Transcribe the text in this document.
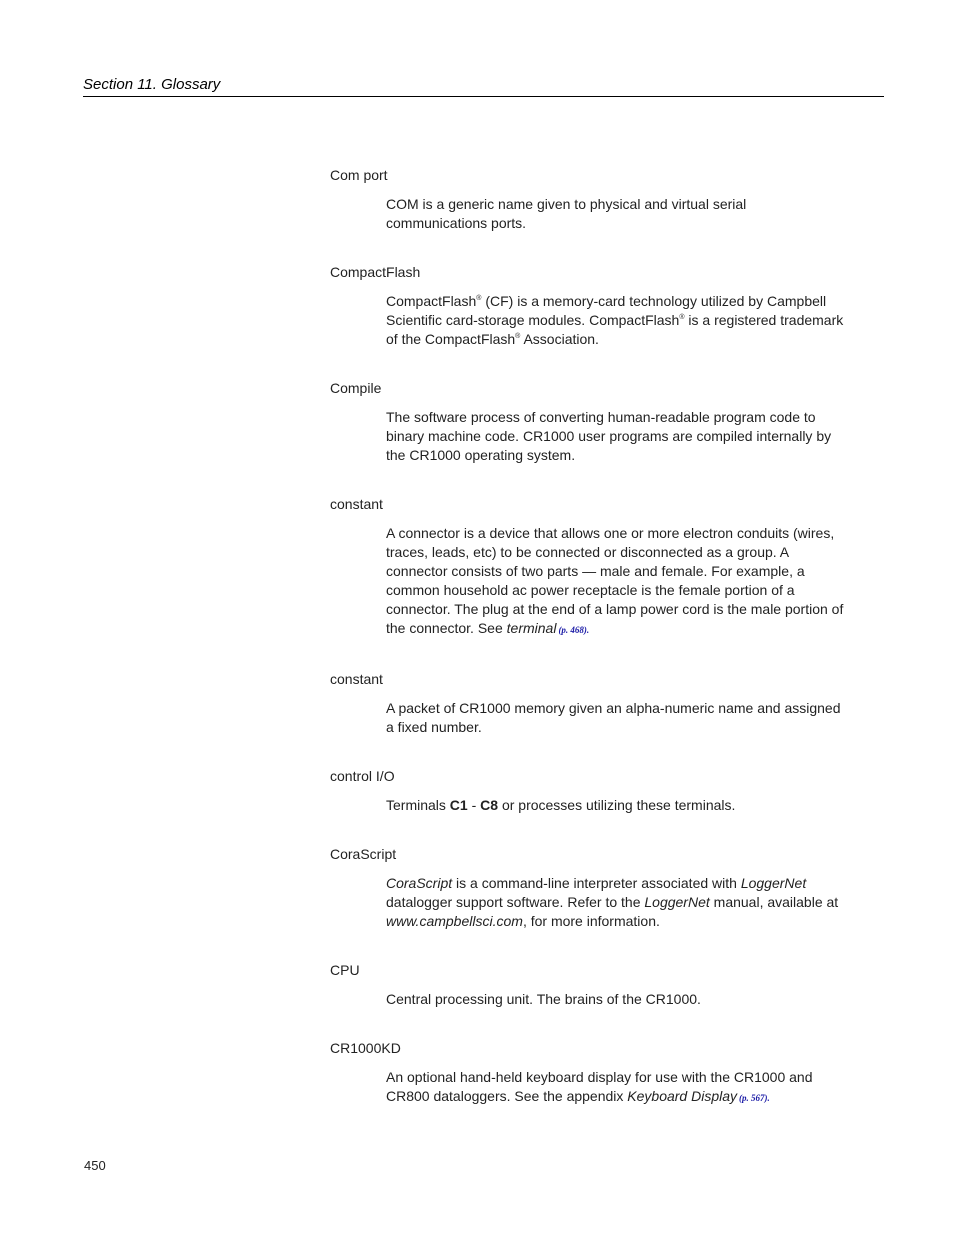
Section 11. Glossary
Com port
COM is a generic name given to physical and virtual serial communications ports.
CompactFlash
CompactFlash® (CF) is a memory-card technology utilized by Campbell Scientific card-storage modules. CompactFlash® is a registered trademark of the CompactFlash® Association.
Compile
The software process of converting human-readable program code to binary machine code. CR1000 user programs are compiled internally by the CR1000 operating system.
constant
A connector is a device that allows one or more electron conduits (wires, traces, leads, etc) to be connected or disconnected as a group. A connector consists of two parts — male and female. For example, a common household ac power receptacle is the female portion of a connector. The plug at the end of a lamp power cord is the male portion of the connector. See terminal (p. 468).
constant
A packet of CR1000 memory given an alpha-numeric name and assigned a fixed number.
control I/O
Terminals C1 - C8 or processes utilizing these terminals.
CoraScript
CoraScript is a command-line interpreter associated with LoggerNet datalogger support software. Refer to the LoggerNet manual, available at www.campbellsci.com, for more information.
CPU
Central processing unit. The brains of the CR1000.
CR1000KD
An optional hand-held keyboard display for use with the CR1000 and CR800 dataloggers. See the appendix Keyboard Display (p. 567).
450
